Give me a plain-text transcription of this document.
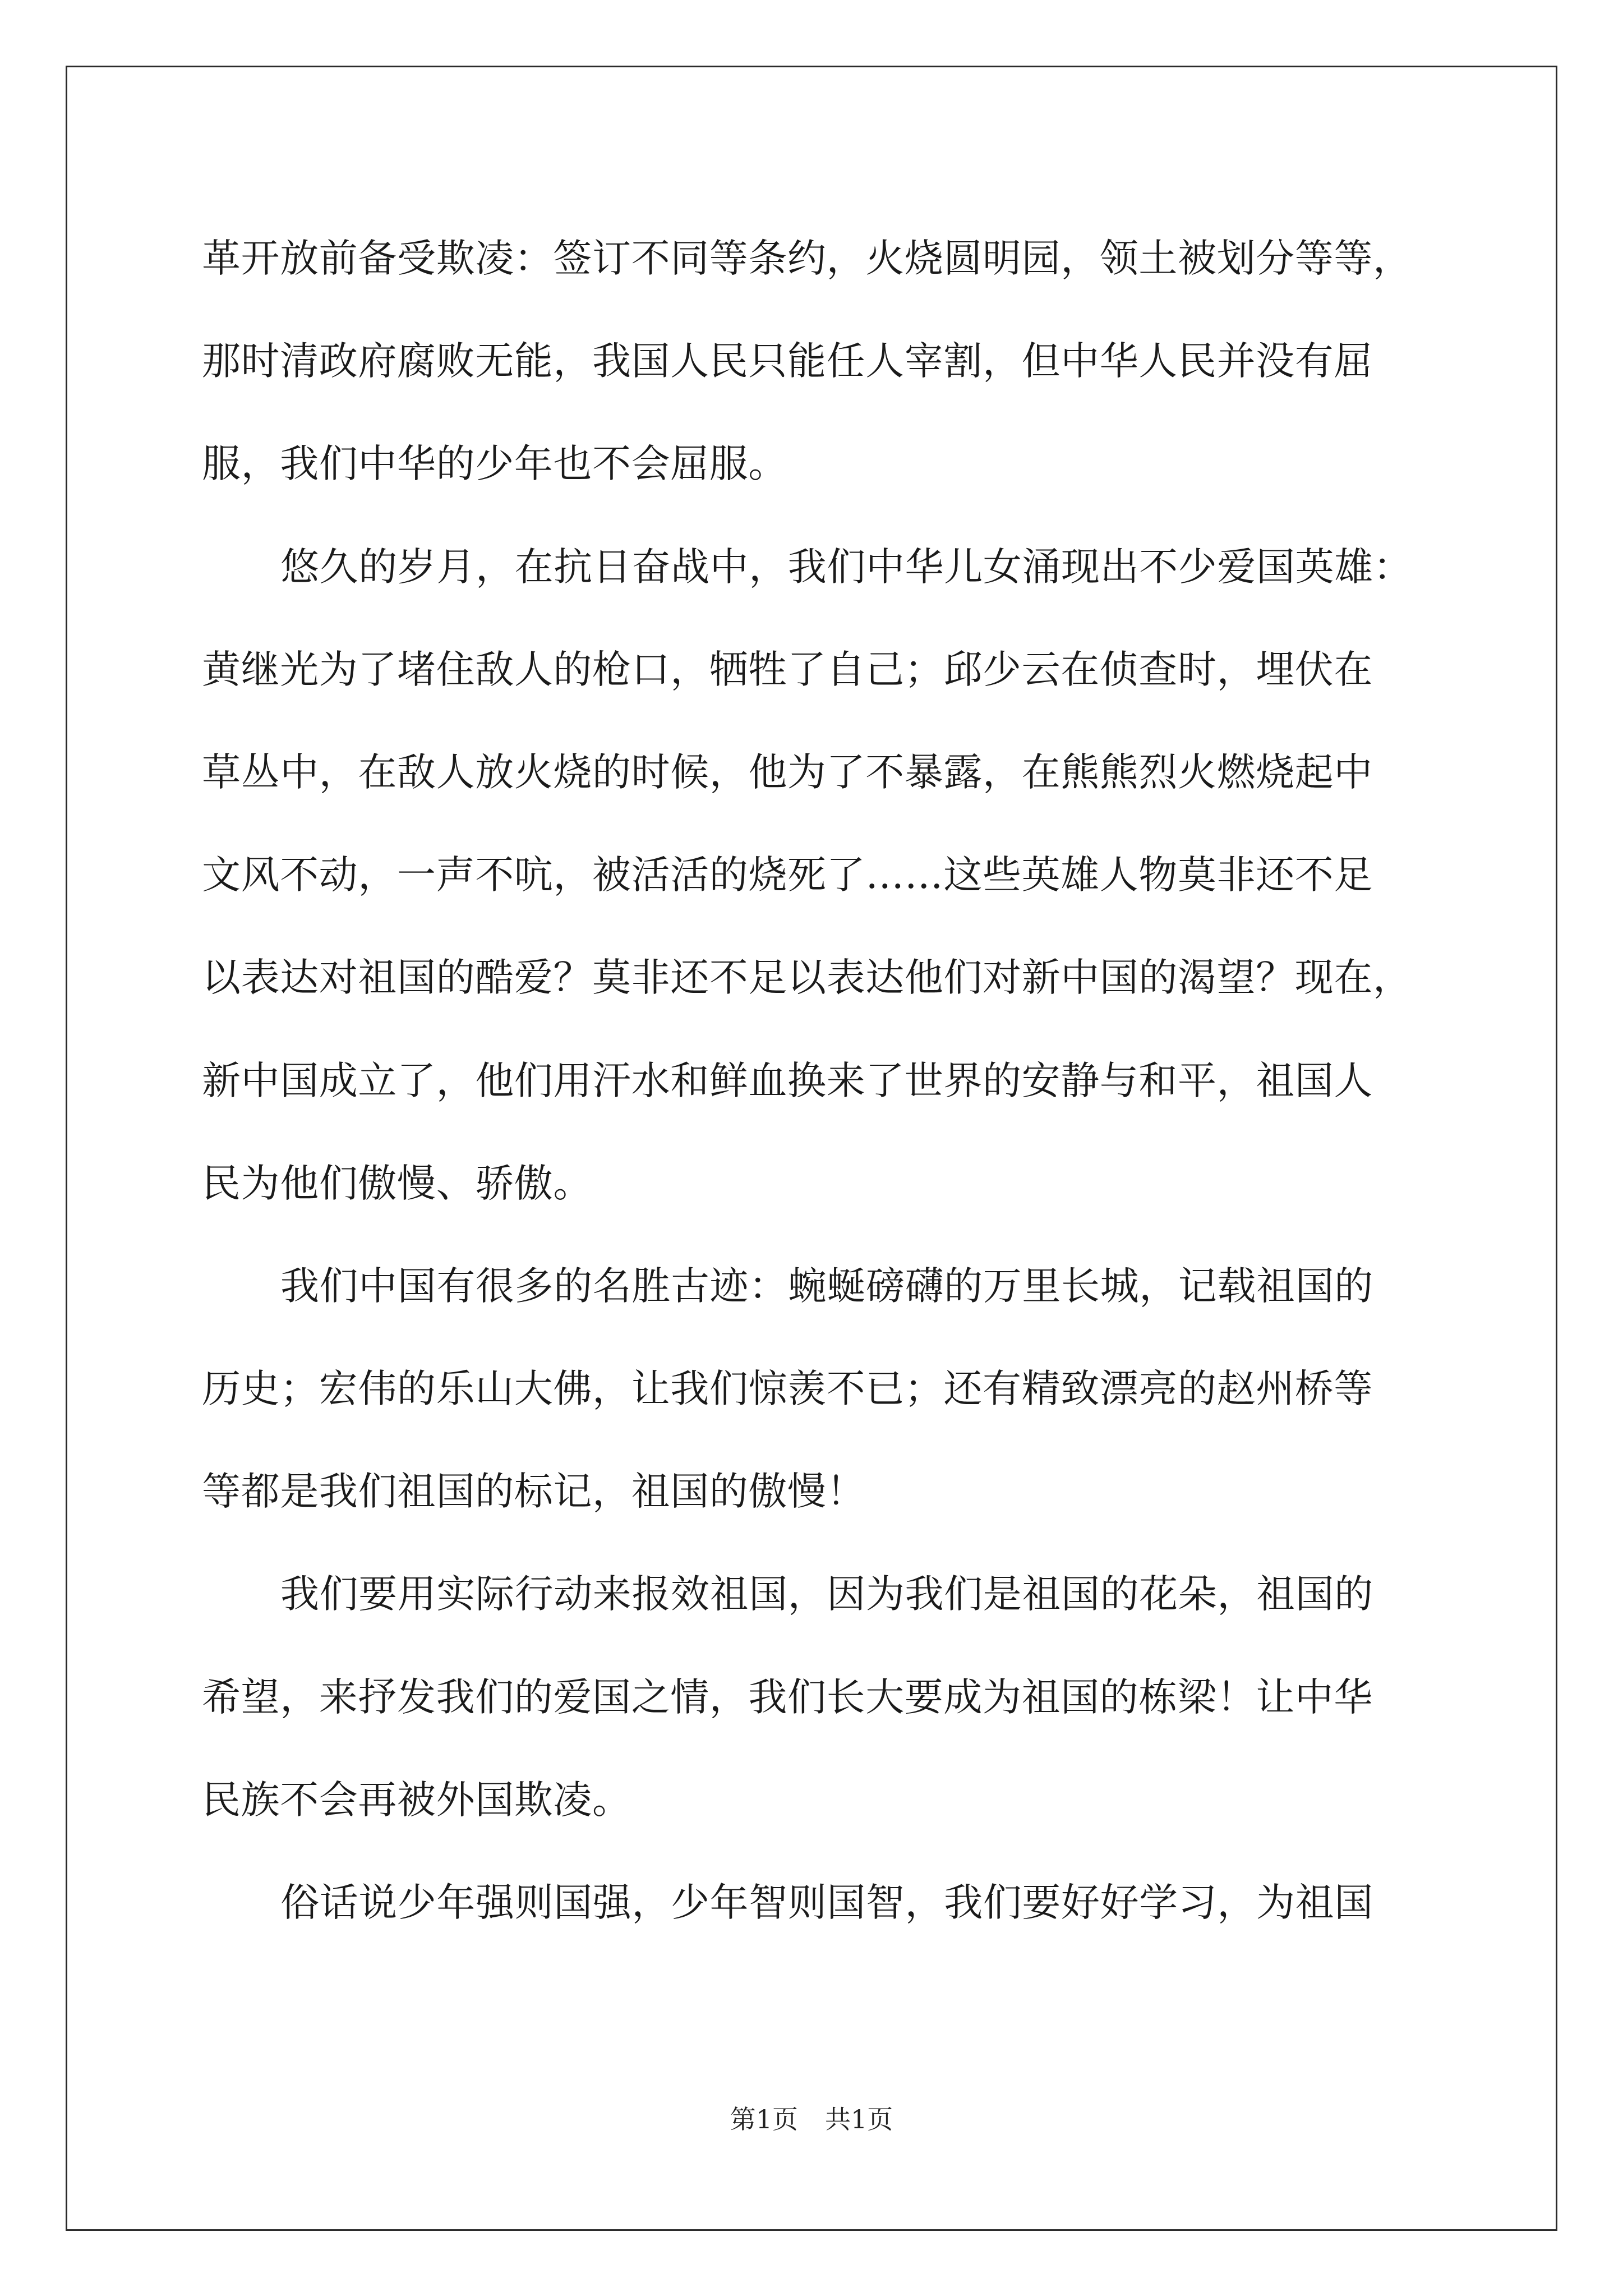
革开放前备受欺凌：签订不同等条约，火烧圆明园，领土被划分等等，
那时清政府腐败无能，我国人民只能任人宰割，但中华人民并没有屈
服，我们中华的少年也不会屈服。

悠久的岁月，在抗日奋战中，我们中华儿女涌现出不少爱国英雄：
黄继光为了堵住敌人的枪口，牺牲了自己；邱少云在侦查时，埋伏在
草丛中，在敌人放火烧的时候，他为了不暴露，在熊熊烈火燃烧起中
文风不动，一声不吭，被活活的烧死了……这些英雄人物莫非还不足
以表达对祖国的酷爱？莫非还不足以表达他们对新中国的渴望？现在，
新中国成立了，他们用汗水和鲜血换来了世界的安静与和平，祖国人
民为他们傲慢、骄傲。

我们中国有很多的名胜古迹：蜿蜒磅礴的万里长城，记载祖国的
历史；宏伟的乐山大佛，让我们惊羡不已；还有精致漂亮的赵州桥等
等都是我们祖国的标记，祖国的傲慢！

我们要用实际行动来报效祖国，因为我们是祖国的花朵，祖国的
希望，来抒发我们的爱国之情，我们长大要成为祖国的栋梁！让中华
民族不会再被外国欺凌。

俗话说少年强则国强，少年智则国智，我们要好好学习，为祖国

第1页 共1页
